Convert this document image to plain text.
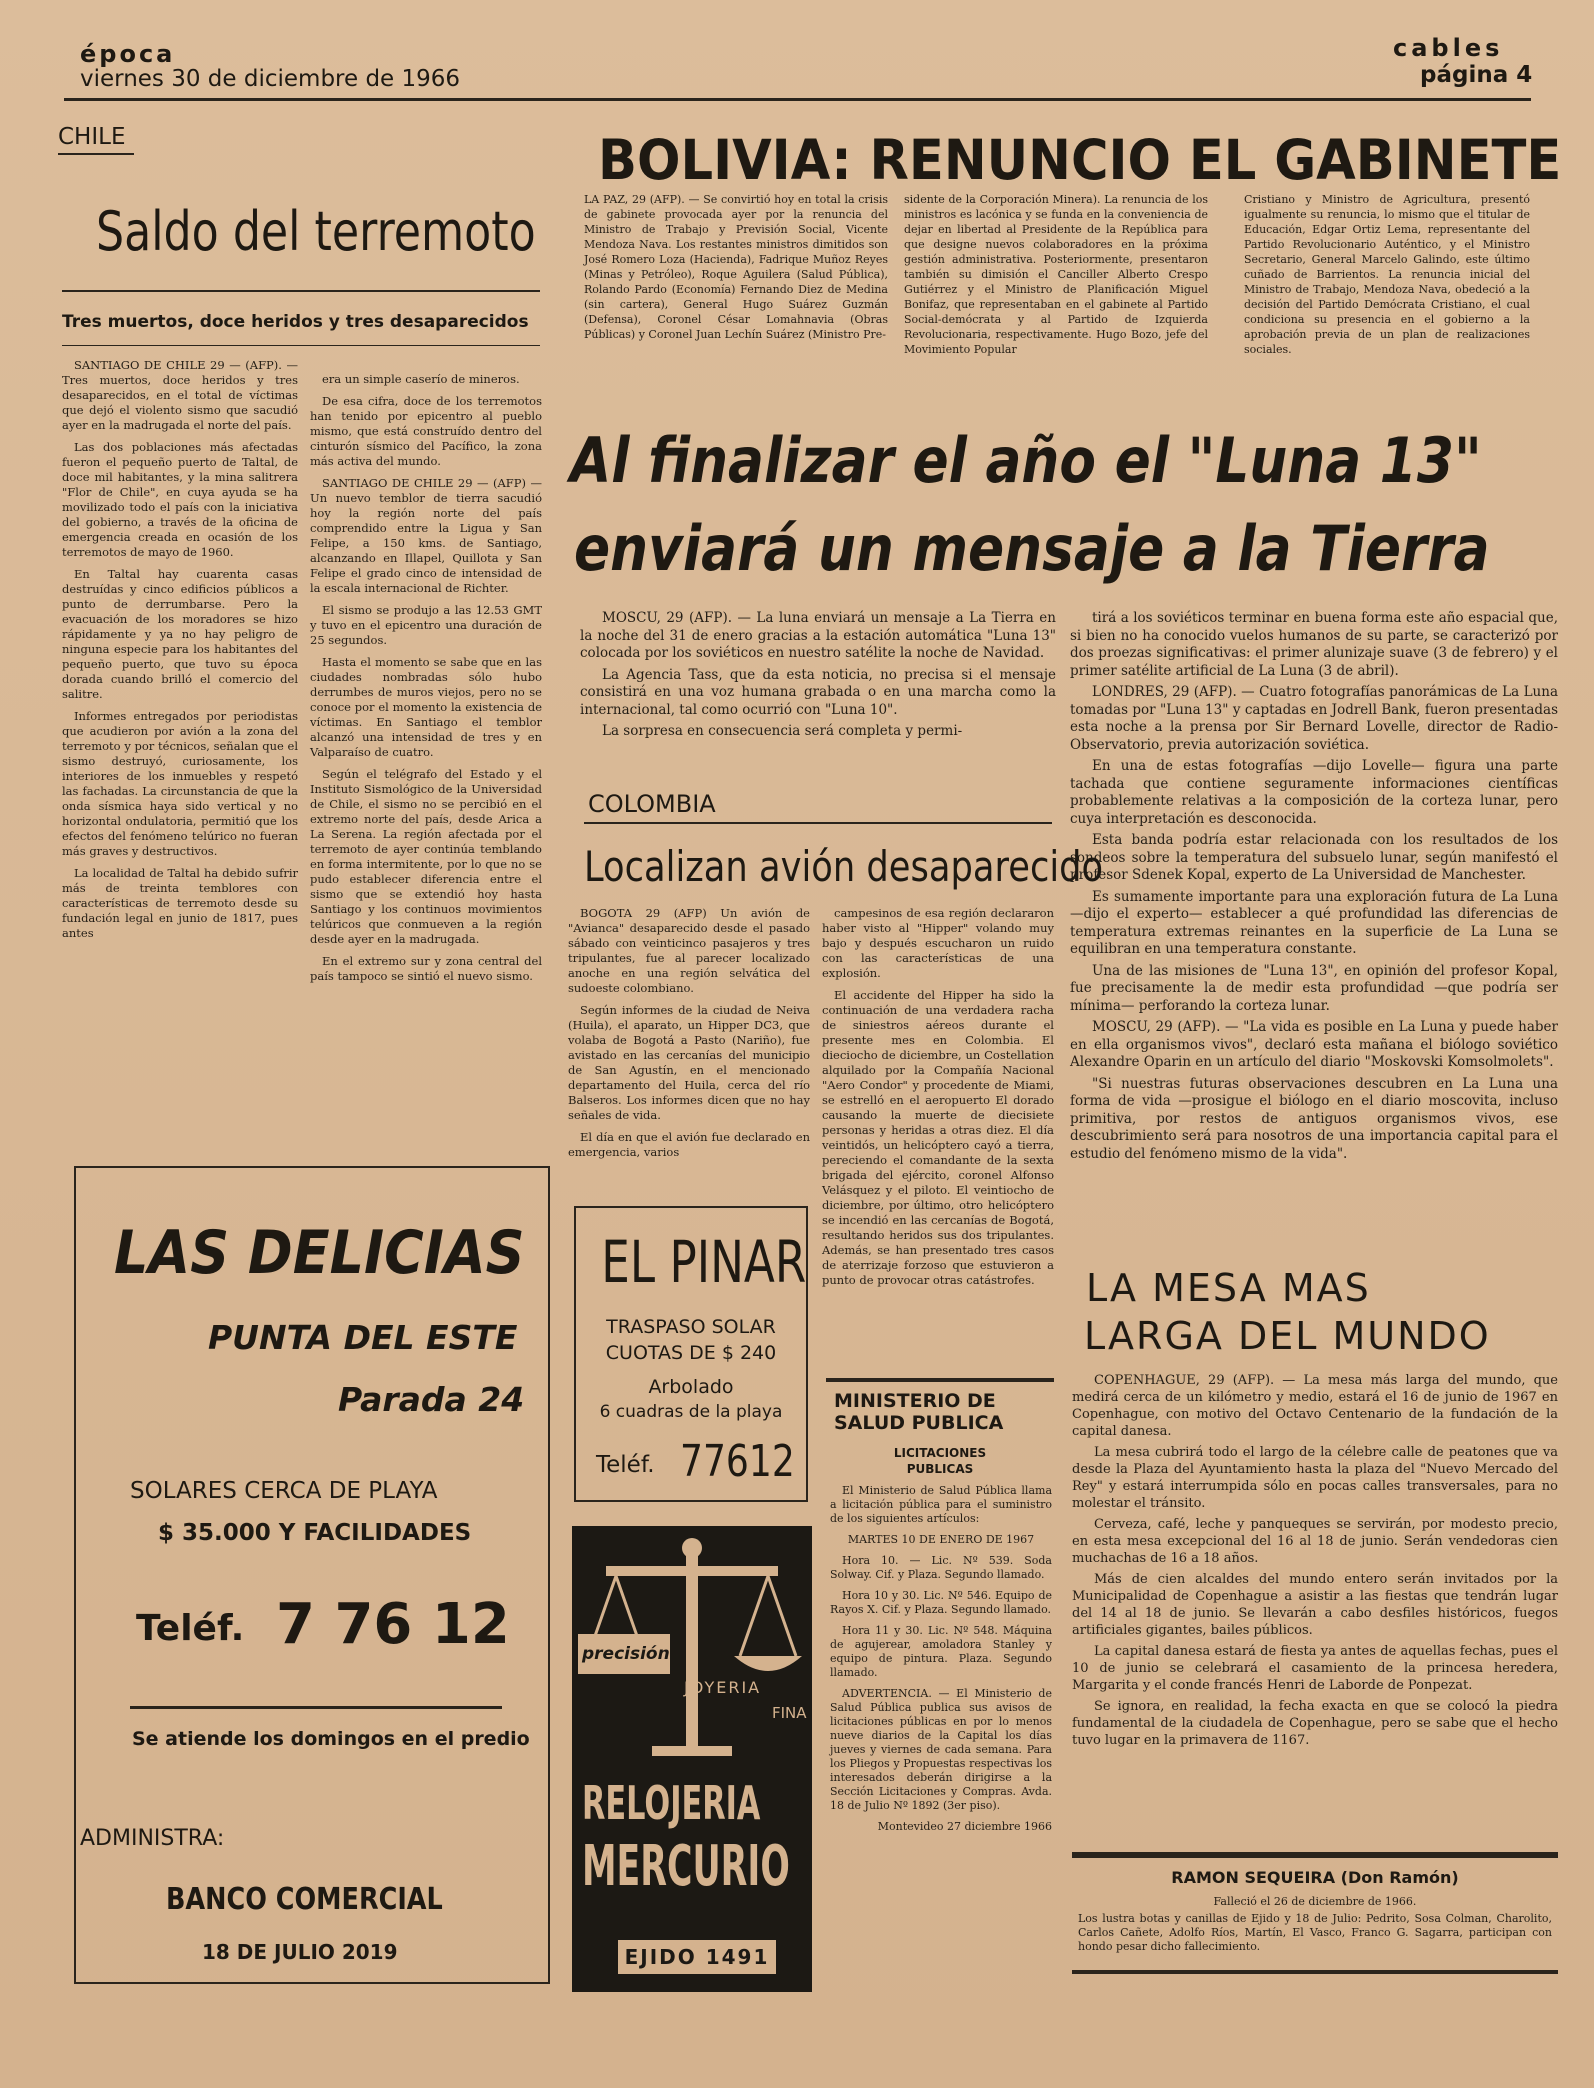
época
viernes 30 de diciembre de 1966
cables
página 4
CHILE
Saldo del terremoto
Tres muertos, doce heridos y tres desaparecidos

SANTIAGO DE CHILE 29 — (AFP). — Tres muertos, doce heridos y tres desaparecidos, en el total de víctimas que dejó el violento sismo que sacudió ayer en la madrugada el norte del país.

Las dos poblaciones más afectadas fueron el pequeño puerto de Taltal, de doce mil habitantes, y la mina salitrera "Flor de Chile", en cuya ayuda se ha movilizado todo el país con la iniciativa del gobierno, a través de la oficina de emergencia creada en ocasión de los terremotos de mayo de 1960.

En Taltal hay cuarenta casas destruídas y cinco edificios públicos a punto de derrumbarse. Pero la evacuación de los moradores se hizo rápidamente y ya no hay peligro de ninguna especie para los habitantes del pequeño puerto, que tuvo su época dorada cuando brilló el comercio del salitre.

Informes entregados por periodistas que acudieron por avión a la zona del terremoto y por técnicos, señalan que el sismo destruyó, curiosamente, los interiores de los inmuebles y respetó las fachadas. La circunstancia de que la onda sísmica haya sido vertical y no horizontal ondulatoria, permitió que los efectos del fenómeno telúrico no fueran más graves y destructivos.

La localidad de Taltal ha debido sufrir más de treinta temblores con características de terremoto desde su fundación legal en junio de 1817, pues antes

era un simple caserío de mineros.

De esa cifra, doce de los terremotos han tenido por epicentro al pueblo mismo, que está construído dentro del cinturón sísmico del Pacífico, la zona más activa del mundo.

SANTIAGO DE CHILE 29 — (AFP) — Un nuevo temblor de tierra sacudió hoy la región norte del país comprendido entre la Ligua y San Felipe, a 150 kms. de Santiago, alcanzando en Illapel, Quillota y San Felipe el grado cinco de intensidad de la escala internacional de Richter.

El sismo se produjo a las 12.53 GMT y tuvo en el epicentro una duración de 25 segundos.

Hasta el momento se sabe que en las ciudades nombradas sólo hubo derrumbes de muros viejos, pero no se conoce por el momento la existencia de víctimas. En Santiago el temblor alcanzó una intensidad de tres y en Valparaíso de cuatro.

Según el telégrafo del Estado y el Instituto Sismológico de la Universidad de Chile, el sismo no se percibió en el extremo norte del país, desde Arica a La Serena. La región afectada por el terremoto de ayer continúa temblando en forma intermitente, por lo que no se pudo establecer diferencia entre el sismo que se extendió hoy hasta Santiago y los continuos movimientos telúricos que conmueven a la región desde ayer en la madrugada.

En el extremo sur y zona central del país tampoco se sintió el nuevo sismo.

LAS DELICIAS
PUNTA DEL ESTE
Parada 24
SOLARES CERCA DE PLAYA
$ 35.000 Y FACILIDADES
Teléf. 7 76 12
Se atiende los domingos en el predio
ADMINISTRA:
BANCO COMERCIAL
18 DE JULIO 2019
BOLIVIA: RENUNCIO EL GABINETE
LA PAZ, 29 (AFP). — Se convirtió hoy en total la crisis de gabinete provocada ayer por la renuncia del Ministro de Trabajo y Previsión Social, Vicente Mendoza Nava. Los restantes ministros dimitidos son José Romero Loza (Hacienda), Fadrique Muñoz Reyes (Minas y Petróleo), Roque Aguilera (Salud Pública), Rolando Pardo (Economía) Fernando Diez de Medina (sin cartera), General Hugo Suárez Guzmán (Defensa), Coronel César Lomahnavia (Obras Públicas) y Coronel Juan Lechín Suárez (Ministro Pre-
sidente de la Corporación Minera). La renuncia de los ministros es lacónica y se funda en la conveniencia de dejar en libertad al Presidente de la República para que designe nuevos colaboradores en la próxima gestión administrativa. Posteriormente, presentaron también su dimisión el Canciller Alberto Crespo Gutiérrez y el Ministro de Planificación Miguel Bonifaz, que representaban en el gabinete al Partido Social-demócrata y al Partido de Izquierda Revolucionaria, respectivamente. Hugo Bozo, jefe del Movimiento Popular
Cristiano y Ministro de Agricultura, presentó igualmente su renuncia, lo mismo que el titular de Educación, Edgar Ortiz Lema, representante del Partido Revolucionario Auténtico, y el Ministro Secretario, General Marcelo Galindo, este último cuñado de Barrientos. La renuncia inicial del Ministro de Trabajo, Mendoza Nava, obedeció a la decisión del Partido Demócrata Cristiano, el cual condiciona su presencia en el gobierno a la aprobación previa de un plan de realizaciones sociales.
Al finalizar el año el "Luna 13"
enviará un mensaje a la Tierra

MOSCU, 29 (AFP). — La luna enviará un mensaje a La Tierra en la noche del 31 de enero gracias a la estación automática "Luna 13" colocada por los soviéticos en nuestro satélite la noche de Navidad.

La Agencia Tass, que da esta noticia, no precisa si el mensaje consistirá en una voz humana grabada o en una marcha como la internacional, tal como ocurrió con "Luna 10".

La sorpresa en consecuencia será completa y permi-

tirá a los soviéticos terminar en buena forma este año espacial que, si bien no ha conocido vuelos humanos de su parte, se caracterizó por dos proezas significativas: el primer alunizaje suave (3 de febrero) y el primer satélite artificial de La Luna (3 de abril).

LONDRES, 29 (AFP). — Cuatro fotografías panorámicas de La Luna tomadas por "Luna 13" y captadas en Jodrell Bank, fueron presentadas esta noche a la prensa por Sir Bernard Lovelle, director de Radio-Observatorio, previa autorización soviética.

En una de estas fotografías —dijo Lovelle— figura una parte tachada que contiene seguramente informaciones científicas probablemente relativas a la composición de la corteza lunar, pero cuya interpretación es desconocida.

Esta banda podría estar relacionada con los resultados de los sondeos sobre la temperatura del subsuelo lunar, según manifestó el profesor Sdenek Kopal, experto de La Universidad de Manchester.

Es sumamente importante para una exploración futura de La Luna —dijo el experto— establecer a qué profundidad las diferencias de temperatura extremas reinantes en la superficie de La Luna se equilibran en una temperatura constante.

Una de las misiones de "Luna 13", en opinión del profesor Kopal, fue precisamente la de medir esta profundidad —que podría ser mínima— perforando la corteza lunar.

MOSCU, 29 (AFP). — "La vida es posible en La Luna y puede haber en ella organismos vivos", declaró esta mañana el biólogo soviético Alexandre Oparin en un artículo del diario "Moskovski Komsolmolets".

"Si nuestras futuras observaciones descubren en La Luna una forma de vida —prosigue el biólogo en el diario moscovita, incluso primitiva, por restos de antiguos organismos vivos, ese descubrimiento será para nosotros de una importancia capital para el estudio del fenómeno mismo de la vida".

COLOMBIA
Localizan avión desaparecido

BOGOTA 29 (AFP) Un avión de "Avianca" desaparecido desde el pasado sábado con veinticinco pasajeros y tres tripulantes, fue al parecer localizado anoche en una región selvática del sudoeste colombiano.

Según informes de la ciudad de Neiva (Huila), el aparato, un Hipper DC3, que volaba de Bogotá a Pasto (Nariño), fue avistado en las cercanías del municipio de San Agustín, en el mencionado departamento del Huila, cerca del río Balseros. Los informes dicen que no hay señales de vida.

El día en que el avión fue declarado en emergencia, varios

campesinos de esa región declararon haber visto al "Hipper" volando muy bajo y después escucharon un ruido con las características de una explosión.

El accidente del Hipper ha sido la continuación de una verdadera racha de siniestros aéreos durante el presente mes en Colombia. El dieciocho de diciembre, un Costellation alquilado por la Compañía Nacional "Aero Condor" y procedente de Miami, se estrelló en el aeropuerto El dorado causando la muerte de diecisiete personas y heridas a otras diez. El día veintidós, un helicóptero cayó a tierra, pereciendo el comandante de la sexta brigada del ejército, coronel Alfonso Velásquez y el piloto. El veintiocho de diciembre, por último, otro helicóptero se incendió en las cercanías de Bogotá, resultando heridos sus dos tripulantes. Además, se han presentado tres casos de aterrizaje forzoso que estuvieron a punto de provocar otras catástrofes.

EL PINAR
TRASPASO SOLAR
CUOTAS DE $ 240
Arbolado
6 cuadras de la playa
Teléf. 77612
precisión
JOYERIA
FINA
RELOJERIA
MERCURIO
EJIDO 1491
MINISTERIO DE
SALUD PUBLICA
LICITACIONES
PUBLICAS

El Ministerio de Salud Pública llama a licitación pública para el suministro de los siguientes artículos:

MARTES 10 DE ENERO DE 1967

Hora 10. — Lic. Nº 539. Soda Solway. Cif. y Plaza. Segundo llamado.

Hora 10 y 30. Lic. Nº 546. Equipo de Rayos X. Cif. y Plaza. Segundo llamado.

Hora 11 y 30. Lic. Nº 548. Máquina de agujerear, amoladora Stanley y equipo de pintura. Plaza. Segundo llamado.

ADVERTENCIA. — El Ministerio de Salud Pública publica sus avisos de licitaciones públicas en por lo menos nueve diarios de la Capital los días jueves y viernes de cada semana. Para los Pliegos y Propuestas respectivas los interesados deberán dirigirse a la Sección Licitaciones y Compras. Avda. 18 de Julio Nº 1892 (3er piso).

Montevideo 27 diciembre 1966

LA MESA MAS
LARGA DEL MUNDO

COPENHAGUE, 29 (AFP). — La mesa más larga del mundo, que medirá cerca de un kilómetro y medio, estará el 16 de junio de 1967 en Copenhague, con motivo del Octavo Centenario de la fundación de la capital danesa.

La mesa cubrirá todo el largo de la célebre calle de peatones que va desde la Plaza del Ayuntamiento hasta la plaza del "Nuevo Mercado del Rey" y estará interrumpida sólo en pocas calles transversales, para no molestar el tránsito.

Cerveza, café, leche y panqueques se servirán, por modesto precio, en esta mesa excepcional del 16 al 18 de junio. Serán vendedoras cien muchachas de 16 a 18 años.

Más de cien alcaldes del mundo entero serán invitados por la Municipalidad de Copenhague a asistir a las fiestas que tendrán lugar del 14 al 18 de junio. Se llevarán a cabo desfiles históricos, fuegos artificiales gigantes, bailes públicos.

La capital danesa estará de fiesta ya antes de aquellas fechas, pues el 10 de junio se celebrará el casamiento de la princesa heredera, Margarita y el conde francés Henri de Laborde de Ponpezat.

Se ignora, en realidad, la fecha exacta en que se colocó la piedra fundamental de la ciudadela de Copenhague, pero se sabe que el hecho tuvo lugar en la primavera de 1167.

RAMON SEQUEIRA (Don Ramón)
Falleció el 26 de diciembre de 1966.
Los lustra botas y canillas de Ejido y 18 de Julio: Pedrito, Sosa Colman, Charolito, Carlos Cañete, Adolfo Ríos, Martín, El Vasco, Franco G. Sagarra, participan con hondo pesar dicho fallecimiento.
